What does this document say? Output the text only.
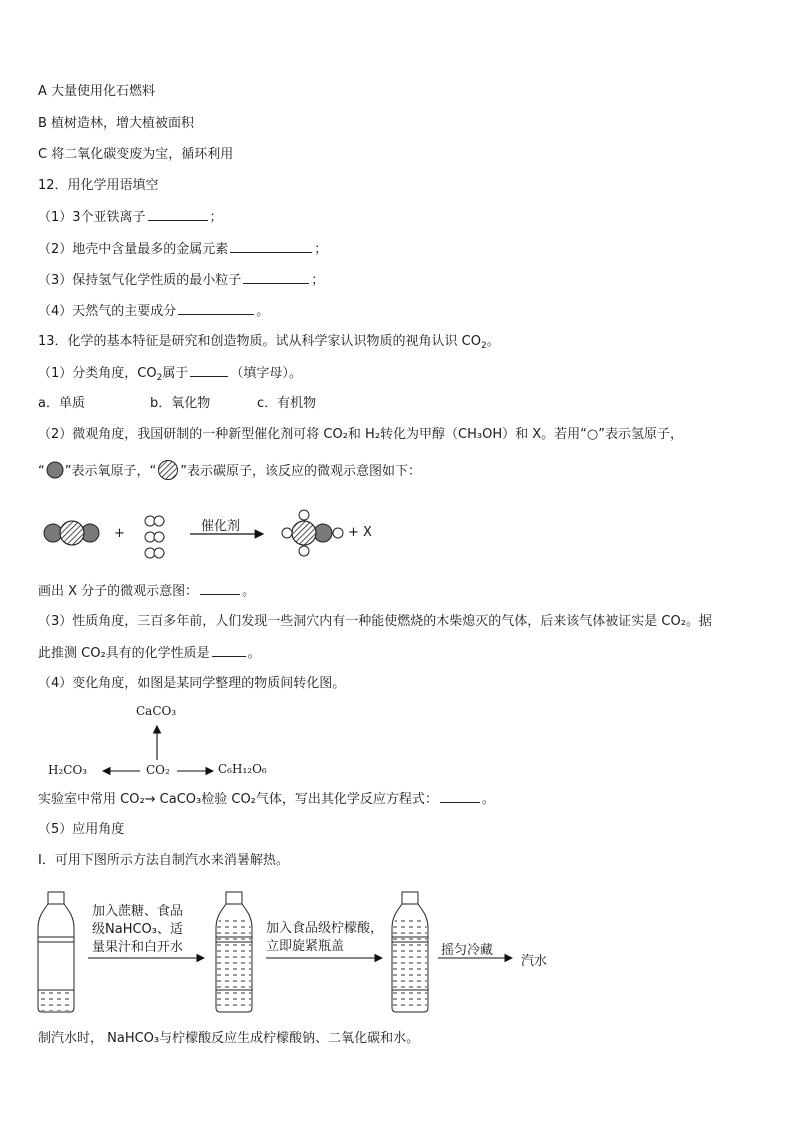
A 大量使用化石燃料
B 植树造林，增大植被面积
C 将二氧化碳变废为宝，循环利用
12．用化学用语填空
（1）3个亚铁离子	；
（2）地壳中含量最多的金属元素	；
（3）保持氢气化学性质的最小粒子	；
（4）天然气的主要成分	。
13．化学的基本特征是研究和创造物质。试从科学家认识物质的视角认识 $CO_2$。
（1）分类角度，$CO_2$属于	（填字母）。
a．单质	b．氧化物	c．有机物
（2）微观角度，我国研制的一种新型催化剂可将 CO₂和 H₂转化为甲醇（CH₃OH）和 X。若用“○”表示氢原子，
“ ”表示氧原子，“ ”表示碳原子，该反应的微观示意图如下：
+	催化剂	+ X
画出 X 分子的微观示意图：	。
（3）性质角度，三百多年前，人们发现一些洞穴内有一种能使燃烧的木柴熄灭的气体，后来该气体被证实是 CO₂。据
此推测 CO₂具有的化学性质是	。
（4）变化角度，如图是某同学整理的物质间转化图。
CaCO₃
H₂CO₃	CO₂	C₆H₁₂O₆
实验室中常用 CO₂→ CaCO₃检验 CO₂气体，写出其化学反应方程式：	。
（5）应用角度
Ⅰ．可用下图所示方法自制汽水来消暑解热。
加入蔗糖、食品
级NaHCO₃、适
量果汁和白开水
加入食品级柠檬酸，
立即旋紧瓶盖	摇匀冷藏
汽水
制汽水时， NaHCO₃与柠檬酸反应生成柠檬酸钠、二氧化碳和水。
